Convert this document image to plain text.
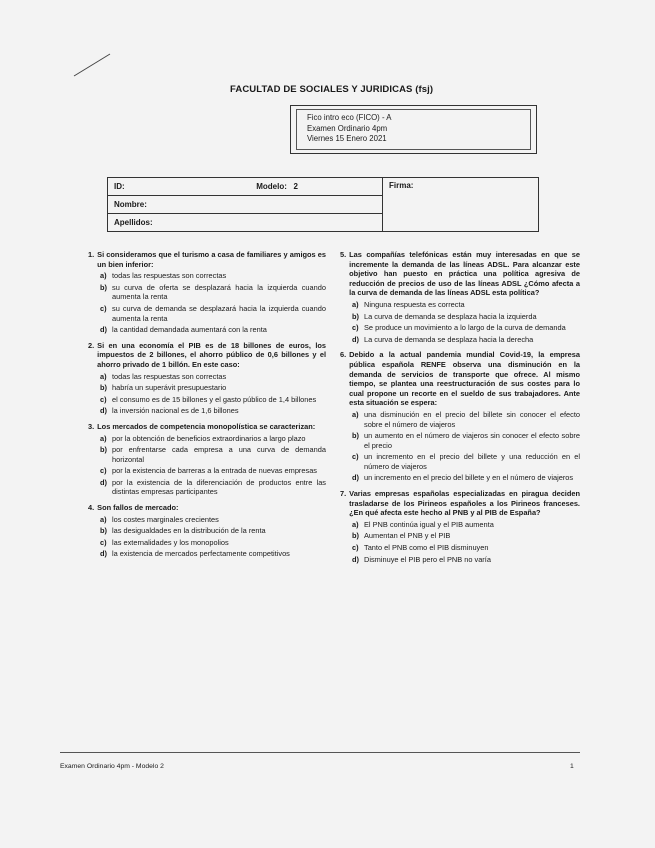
FACULTAD DE SOCIALES Y JURIDICAS (fsj)
Fico intro eco (FICO) - A
Examen Ordinario 4pm
Viernes 15 Enero 2021
ID:	Modelo: 2	Firma:
Nombre:
Apellidos:
1. Si consideramos que el turismo a casa de familiares y amigos es un bien inferior:
a) todas las respuestas son correctas
b) su curva de oferta se desplazará hacia la izquierda cuando aumenta la renta
c) su curva de demanda se desplazará hacia la izquierda cuando aumenta la renta
d) la cantidad demandada aumentará con la renta
2. Si en una economía el PIB es de 18 billones de euros, los impuestos de 2 billones, el ahorro público de 0,6 billones y el ahorro privado de 1 billón. En este caso:
a) todas las respuestas son correctas
b) habría un superávit presupuestario
c) el consumo es de 15 billones y el gasto público de 1,4 billones
d) la inversión nacional es de 1,6 billones
3. Los mercados de competencia monopolística se caracterizan:
a) por la obtención de beneficios extraordinarios a largo plazo
b) por enfrentarse cada empresa a una curva de demanda horizontal
c) por la existencia de barreras a la entrada de nuevas empresas
d) por la existencia de la diferenciación de productos entre las distintas empresas participantes
4. Son fallos de mercado:
a) los costes marginales crecientes
b) las desigualdades en la distribución de la renta
c) las externalidades y los monopolios
d) la existencia de mercados perfectamente competitivos
5. Las compañías telefónicas están muy interesadas en que se incremente la demanda de las líneas ADSL. Para alcanzar este objetivo han puesto en práctica una política agresiva de reducción de precios de uso de las líneas ADSL ¿Cómo afecta a la curva de demanda de las líneas ADSL esta política?
a) Ninguna respuesta es correcta
b) La curva de demanda se desplaza hacia la izquierda
c) Se produce un movimiento a lo largo de la curva de demanda
d) La curva de demanda se desplaza hacia la derecha
6. Debido a la actual pandemia mundial Covid-19, la empresa pública española RENFE observa una disminución en la demanda de servicios de transporte que ofrece. Al mismo tiempo, se plantea una reestructuración de sus costes para lo cual propone un recorte en el sueldo de sus trabajadores. Ante esta situación se espera:
a) una disminución en el precio del billete sin conocer el efecto sobre el número de viajeros
b) un aumento en el número de viajeros sin conocer el efecto sobre el precio
c) un incremento en el precio del billete y una reducción en el número de viajeros
d) un incremento en el precio del billete y en el número de viajeros
7. Varias empresas españolas especializadas en piragua deciden trasladarse de los Pirineos españoles a los Pirineos franceses. ¿En qué afecta este hecho al PNB y al PIB de España?
a) El PNB continúa igual y el PIB aumenta
b) Aumentan el PNB y el PIB
c) Tanto el PNB como el PIB disminuyen
d) Disminuye el PIB pero el PNB no varía
Examen Ordinario 4pm - Modelo 2	1
